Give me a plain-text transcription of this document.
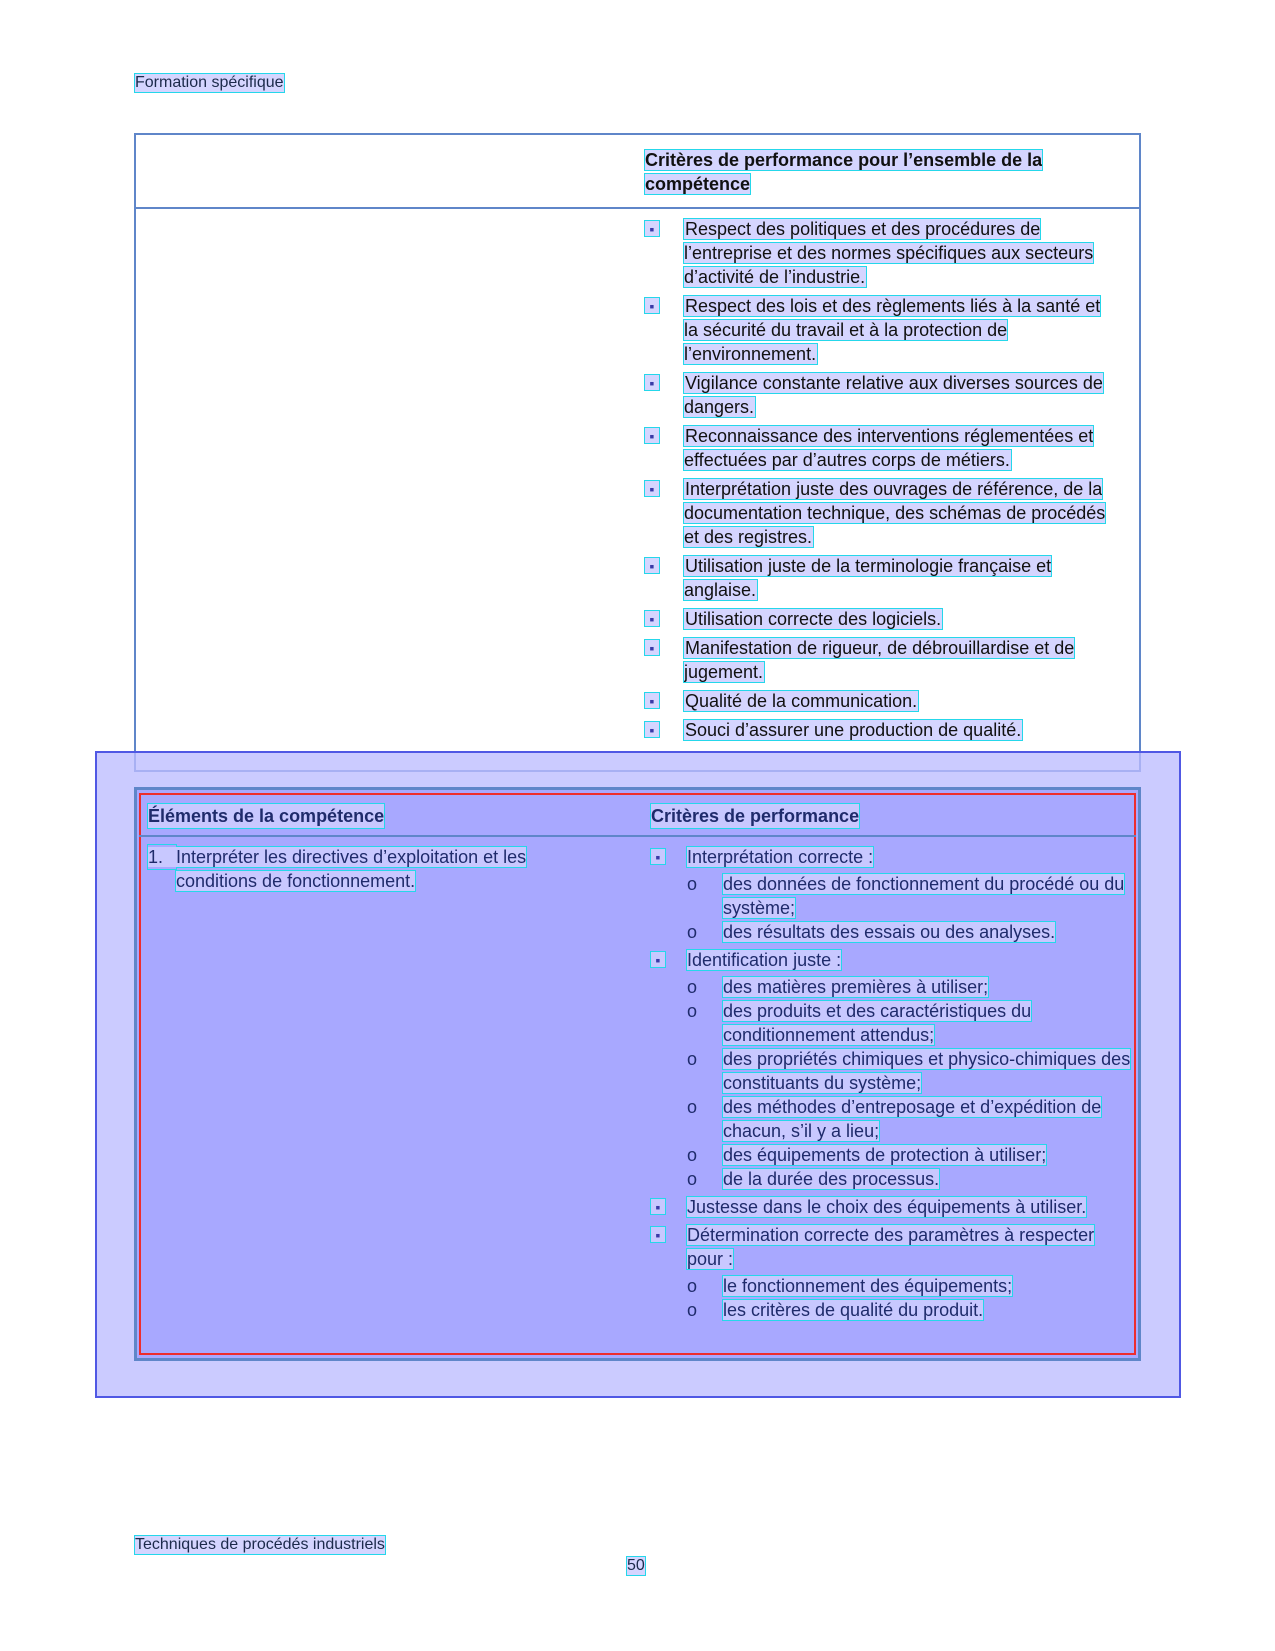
Formation spécifique
Critères de performance pour l’ensemble de la compétence
▪ Respect des politiques et des procédures de l’entreprise et des normes spécifiques aux secteurs d’activité de l’industrie.
▪ Respect des lois et des règlements liés à la santé et la sécurité du travail et à la protection de l’environnement.
▪ Vigilance constante relative aux diverses sources de dangers.
▪ Reconnaissance des interventions réglementées et effectuées par d’autres corps de métiers.
▪ Interprétation juste des ouvrages de référence, de la documentation technique, des schémas de procédés et des registres.
▪ Utilisation juste de la terminologie française et anglaise.
▪ Utilisation correcte des logiciels.
▪ Manifestation de rigueur, de débrouillardise et de jugement.
▪ Qualité de la communication.
▪ Souci d’assurer une production de qualité.
Éléments de la compétence	Critères de performance
1. Interpréter les directives d’exploitation et les
conditions de fonctionnement.
▪ Interprétation correcte :
o des données de fonctionnement du procédé ou du système;
o des résultats des essais ou des analyses.
▪ Identification juste :
o des matières premières à utiliser;
o des produits et des caractéristiques du conditionnement attendus;
o des propriétés chimiques et physico-chimiques des constituants du système;
o des méthodes d’entreposage et d’expédition de chacun, s’il y a lieu;
o des équipements de protection à utiliser;
o de la durée des processus.
▪ Justesse dans le choix des équipements à utiliser.
▪ Détermination correcte des paramètres à respecter pour :
o le fonctionnement des équipements;
o les critères de qualité du produit.
Techniques de procédés industriels
50
